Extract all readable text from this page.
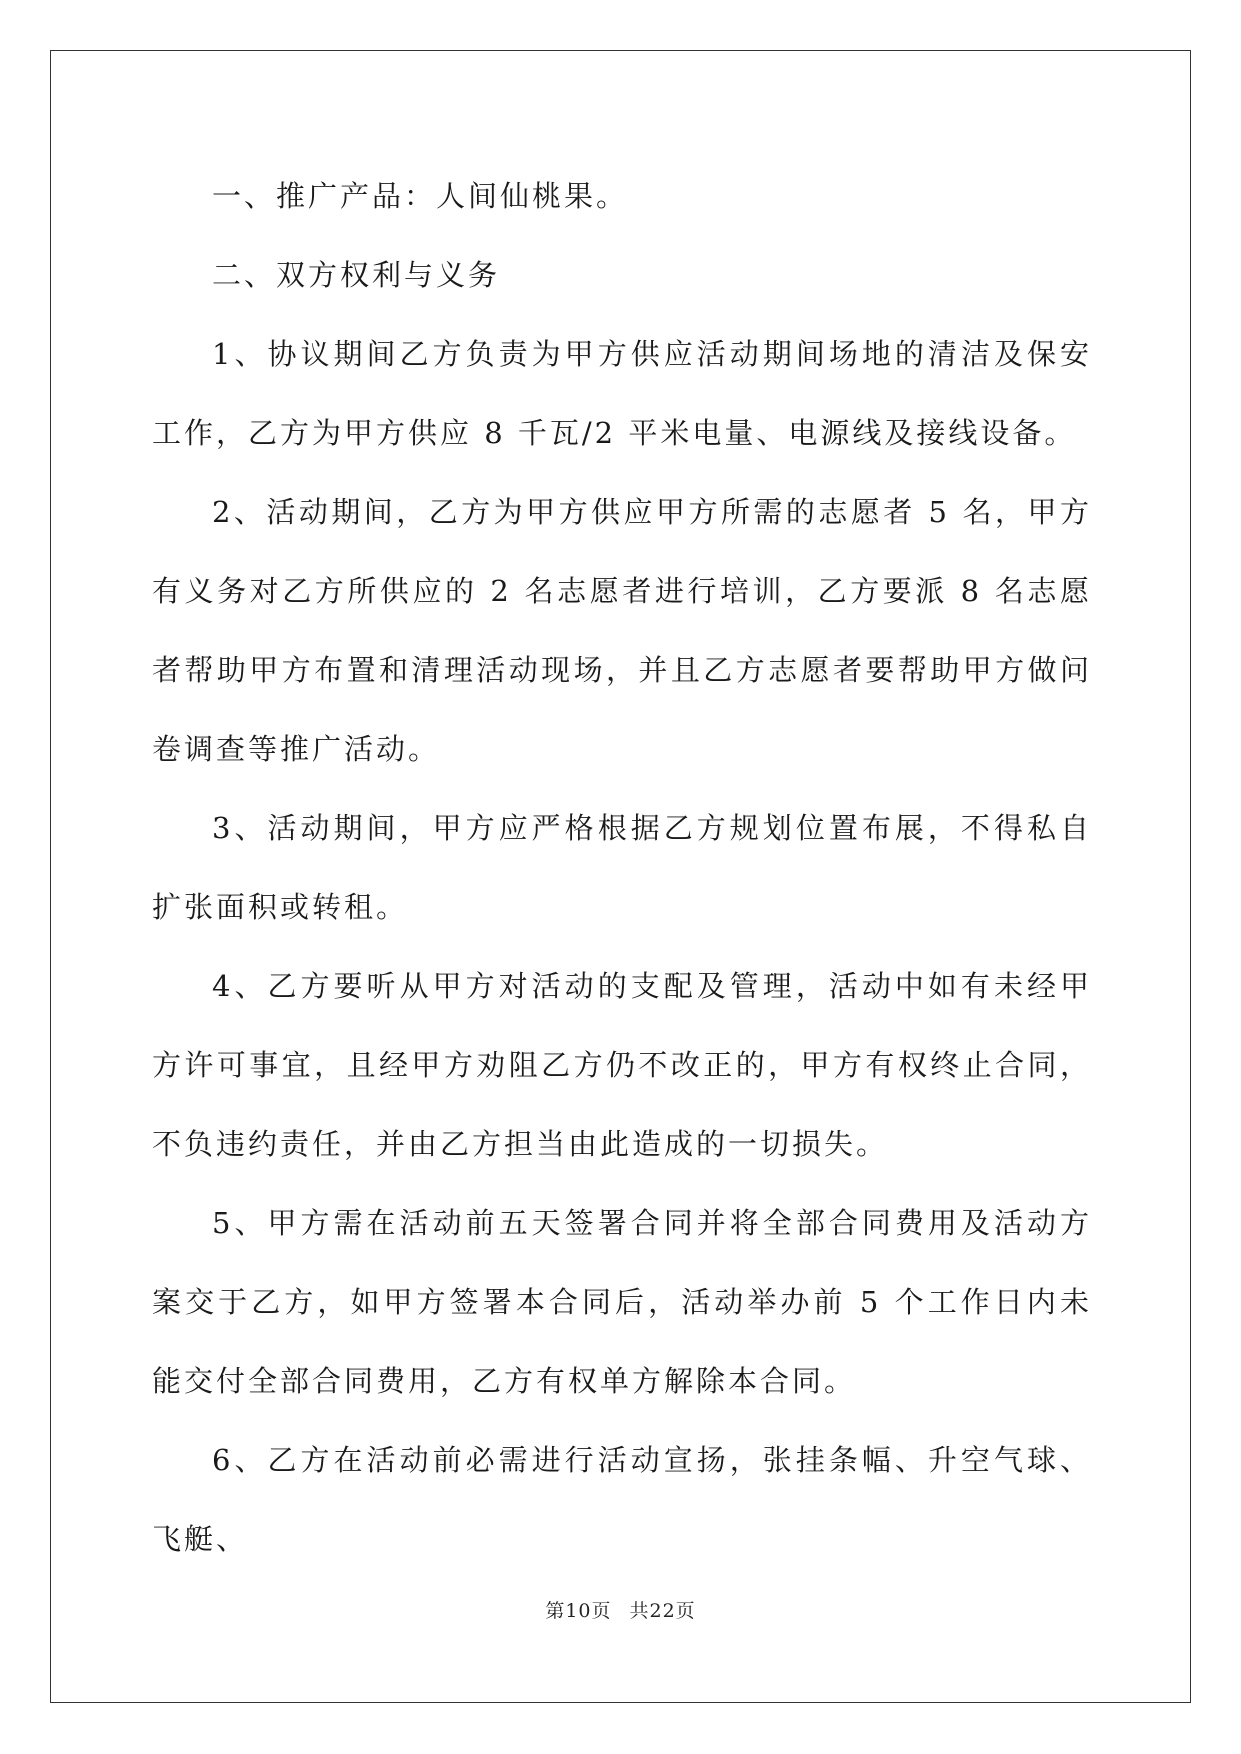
一、推广产品：人间仙桃果。

二、双方权利与义务

1、协议期间乙方负责为甲方供应活动期间场地的清洁及保安工作，乙方为甲方供应 8 千瓦/2 平米电量、电源线及接线设备。

2、活动期间，乙方为甲方供应甲方所需的志愿者 5 名，甲方有义务对乙方所供应的 2 名志愿者进行培训，乙方要派 8 名志愿者帮助甲方布置和清理活动现场，并且乙方志愿者要帮助甲方做问卷调查等推广活动。

3、活动期间，甲方应严格根据乙方规划位置布展，不得私自扩张面积或转租。

4、乙方要听从甲方对活动的支配及管理，活动中如有未经甲方许可事宜，且经甲方劝阻乙方仍不改正的，甲方有权终止合同，不负违约责任，并由乙方担当由此造成的一切损失。

5、甲方需在活动前五天签署合同并将全部合同费用及活动方案交于乙方，如甲方签署本合同后，活动举办前 5 个工作日内未能交付全部合同费用，乙方有权单方解除本合同。

6、乙方在活动前必需进行活动宣扬，张挂条幅、升空气球、飞艇、

第10页 共22页
